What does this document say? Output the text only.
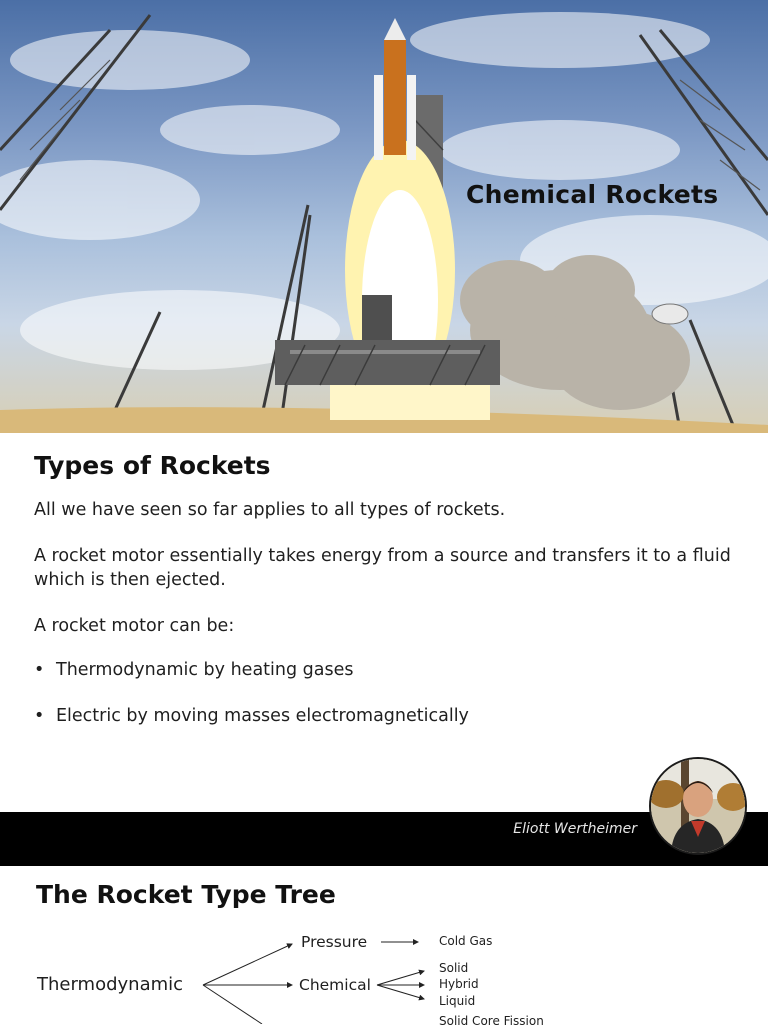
Chemical Rockets
Types of Rockets
All we have seen so far applies to all types of rockets.
A rocket motor essentially takes energy from a source and transfers it to a fluid which is then ejected.
A rocket motor can be:
• Thermodynamic by heating gases
• Electric by moving masses electromagnetically
Eliott Wertheimer
The Rocket Type Tree
Thermodynamic
Pressure
Chemical
Cold Gas
Solid
Hybrid
Liquid
Solid Core Fission
